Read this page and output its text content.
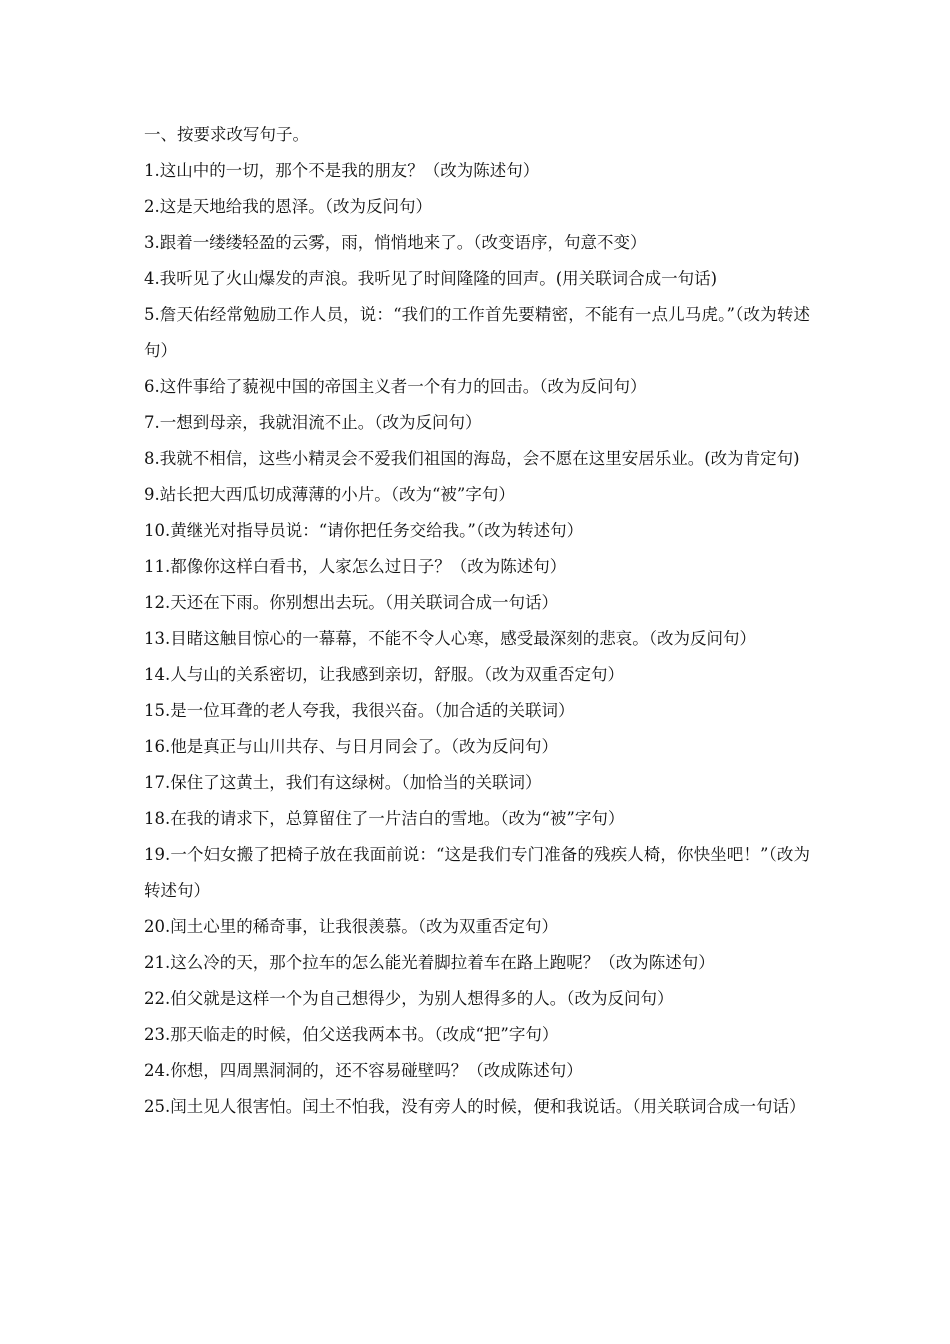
一、按要求改写句子。

1.这山中的一切，那个不是我的朋友？（改为陈述句）

2.这是天地给我的恩泽。（改为反问句）

3.跟着一缕缕轻盈的云雾，雨，悄悄地来了。（改变语序，句意不变）

4.我听见了火山爆发的声浪。我听见了时间隆隆的回声。(用关联词合成一句话)

5.詹天佑经常勉励工作人员，说：“我们的工作首先要精密，不能有一点儿马虎。”（改为转述句）

6.这件事给了藐视中国的帝国主义者一个有力的回击。（改为反问句）

7.一想到母亲，我就泪流不止。（改为反问句）

8.我就不相信，这些小精灵会不爱我们祖国的海岛，会不愿在这里安居乐业。(改为肯定句)

9.站长把大西瓜切成薄薄的小片。（改为“被”字句）

10.黄继光对指导员说：“请你把任务交给我。”（改为转述句）

11.都像你这样白看书，人家怎么过日子？（改为陈述句）

12.天还在下雨。你别想出去玩。（用关联词合成一句话）

13.目睹这触目惊心的一幕幕，不能不令人心寒，感受最深刻的悲哀。（改为反问句）

14.人与山的关系密切，让我感到亲切，舒服。（改为双重否定句）

15.是一位耳聋的老人夸我，我很兴奋。（加合适的关联词）

16.他是真正与山川共存、与日月同会了。（改为反问句）

17.保住了这黄土，我们有这绿树。（加恰当的关联词）

18.在我的请求下，总算留住了一片洁白的雪地。（改为“被”字句）

19.一个妇女搬了把椅子放在我面前说：“这是我们专门准备的残疾人椅，你快坐吧！”（改为转述句）

20.闰土心里的稀奇事，让我很羡慕。（改为双重否定句）

21.这么冷的天，那个拉车的怎么能光着脚拉着车在路上跑呢？（改为陈述句）

22.伯父就是这样一个为自己想得少，为别人想得多的人。（改为反问句）

23.那天临走的时候，伯父送我两本书。（改成“把”字句）

24.你想，四周黑洞洞的，还不容易碰壁吗？（改成陈述句）

25.闰土见人很害怕。闰土不怕我，没有旁人的时候，便和我说话。（用关联词合成一句话）
